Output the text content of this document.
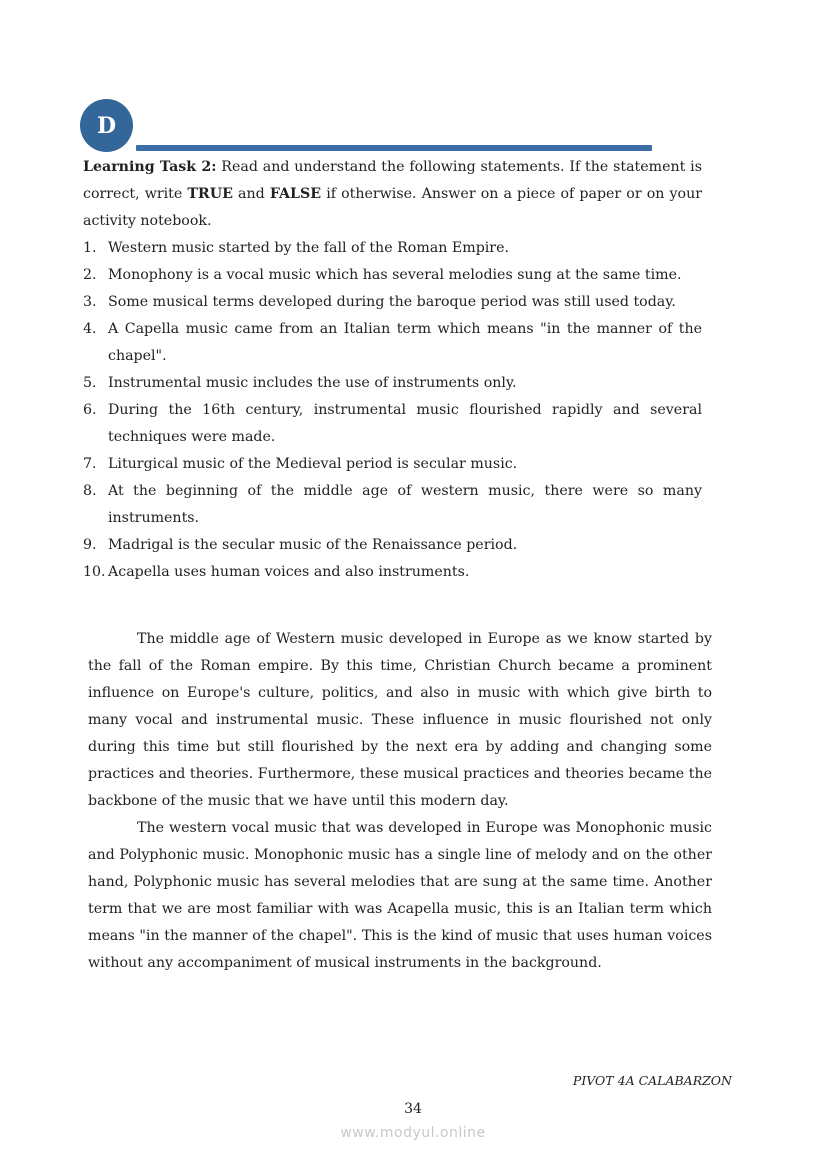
D

Learning Task 2: Read and understand the following statements. If the statement is correct, write TRUE and FALSE if otherwise. Answer on a piece of paper or on your activity notebook.

1. Western music started by the fall of the Roman Empire.
2. Monophony is a vocal music which has several melodies sung at the same time.
3. Some musical terms developed during the baroque period was still used today.
4. A Capella music came from an Italian term which means "in the manner of the chapel".
5. Instrumental music includes the use of instruments only.
6. During the 16th century, instrumental music flourished rapidly and several techniques were made.
7. Liturgical music of the Medieval period is secular music.
8. At the beginning of the middle age of western music, there were so many instruments.
9. Madrigal is the secular music of the Renaissance period.
10. Acapella uses human voices and also instruments.

The middle age of Western music developed in Europe as we know started by the fall of the Roman empire. By this time, Christian Church became a prominent influence on Europe's culture, politics, and also in music with which give birth to many vocal and instrumental music. These influence in music flourished not only during this time but still flourished by the next era by adding and changing some practices and theories. Furthermore, these musical practices and theories became the backbone of the music that we have until this modern day.

The western vocal music that was developed in Europe was Monophonic music and Polyphonic music. Monophonic music has a single line of melody and on the other hand, Polyphonic music has several melodies that are sung at the same time. Another term that we are most familiar with was Acapella music, this is an Italian term which means "in the manner of the chapel". This is the kind of music that uses human voices without any accompaniment of musical instruments in the background.

PIVOT 4A CALABARZON
34
www.modyul.online
